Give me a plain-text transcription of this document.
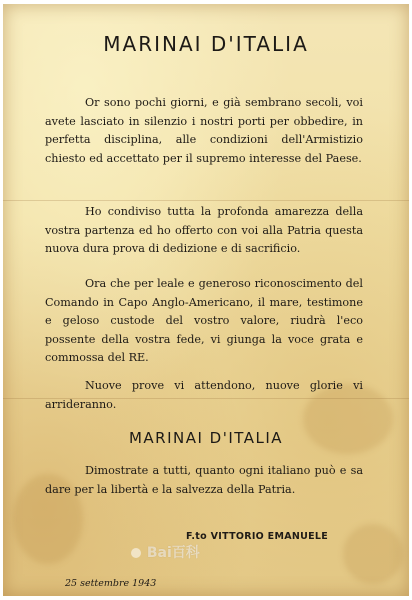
MARINAI D'ITALIA

Or sono pochi giorni, e già sembrano secoli, voi avete lasciato in silenzio i nostri porti per obbedire, in perfetta disciplina, alle condizioni dell'Armistizio chiesto ed accettato per il supremo interesse del Paese.

Ho condiviso tutta la profonda amarezza della vostra partenza ed ho offerto con voi alla Patria questa nuova dura prova di dedizione e di sacrificio.

Ora che per leale e generoso riconoscimento del Comando in Capo Anglo-Americano, il mare, testimone e geloso custode del vostro valore, riudrà l'eco possente della vostra fede, vi giunga la voce grata e commossa del RE.

Nuove prove vi attendono, nuove glorie vi arrideranno.

MARINAI D'ITALIA

Dimostrate a tutti, quanto ogni italiano può e sa dare per la libertà e la salvezza della Patria.

F.to VITTORIO EMANUELE
Bai百科
25 settembre 1943
